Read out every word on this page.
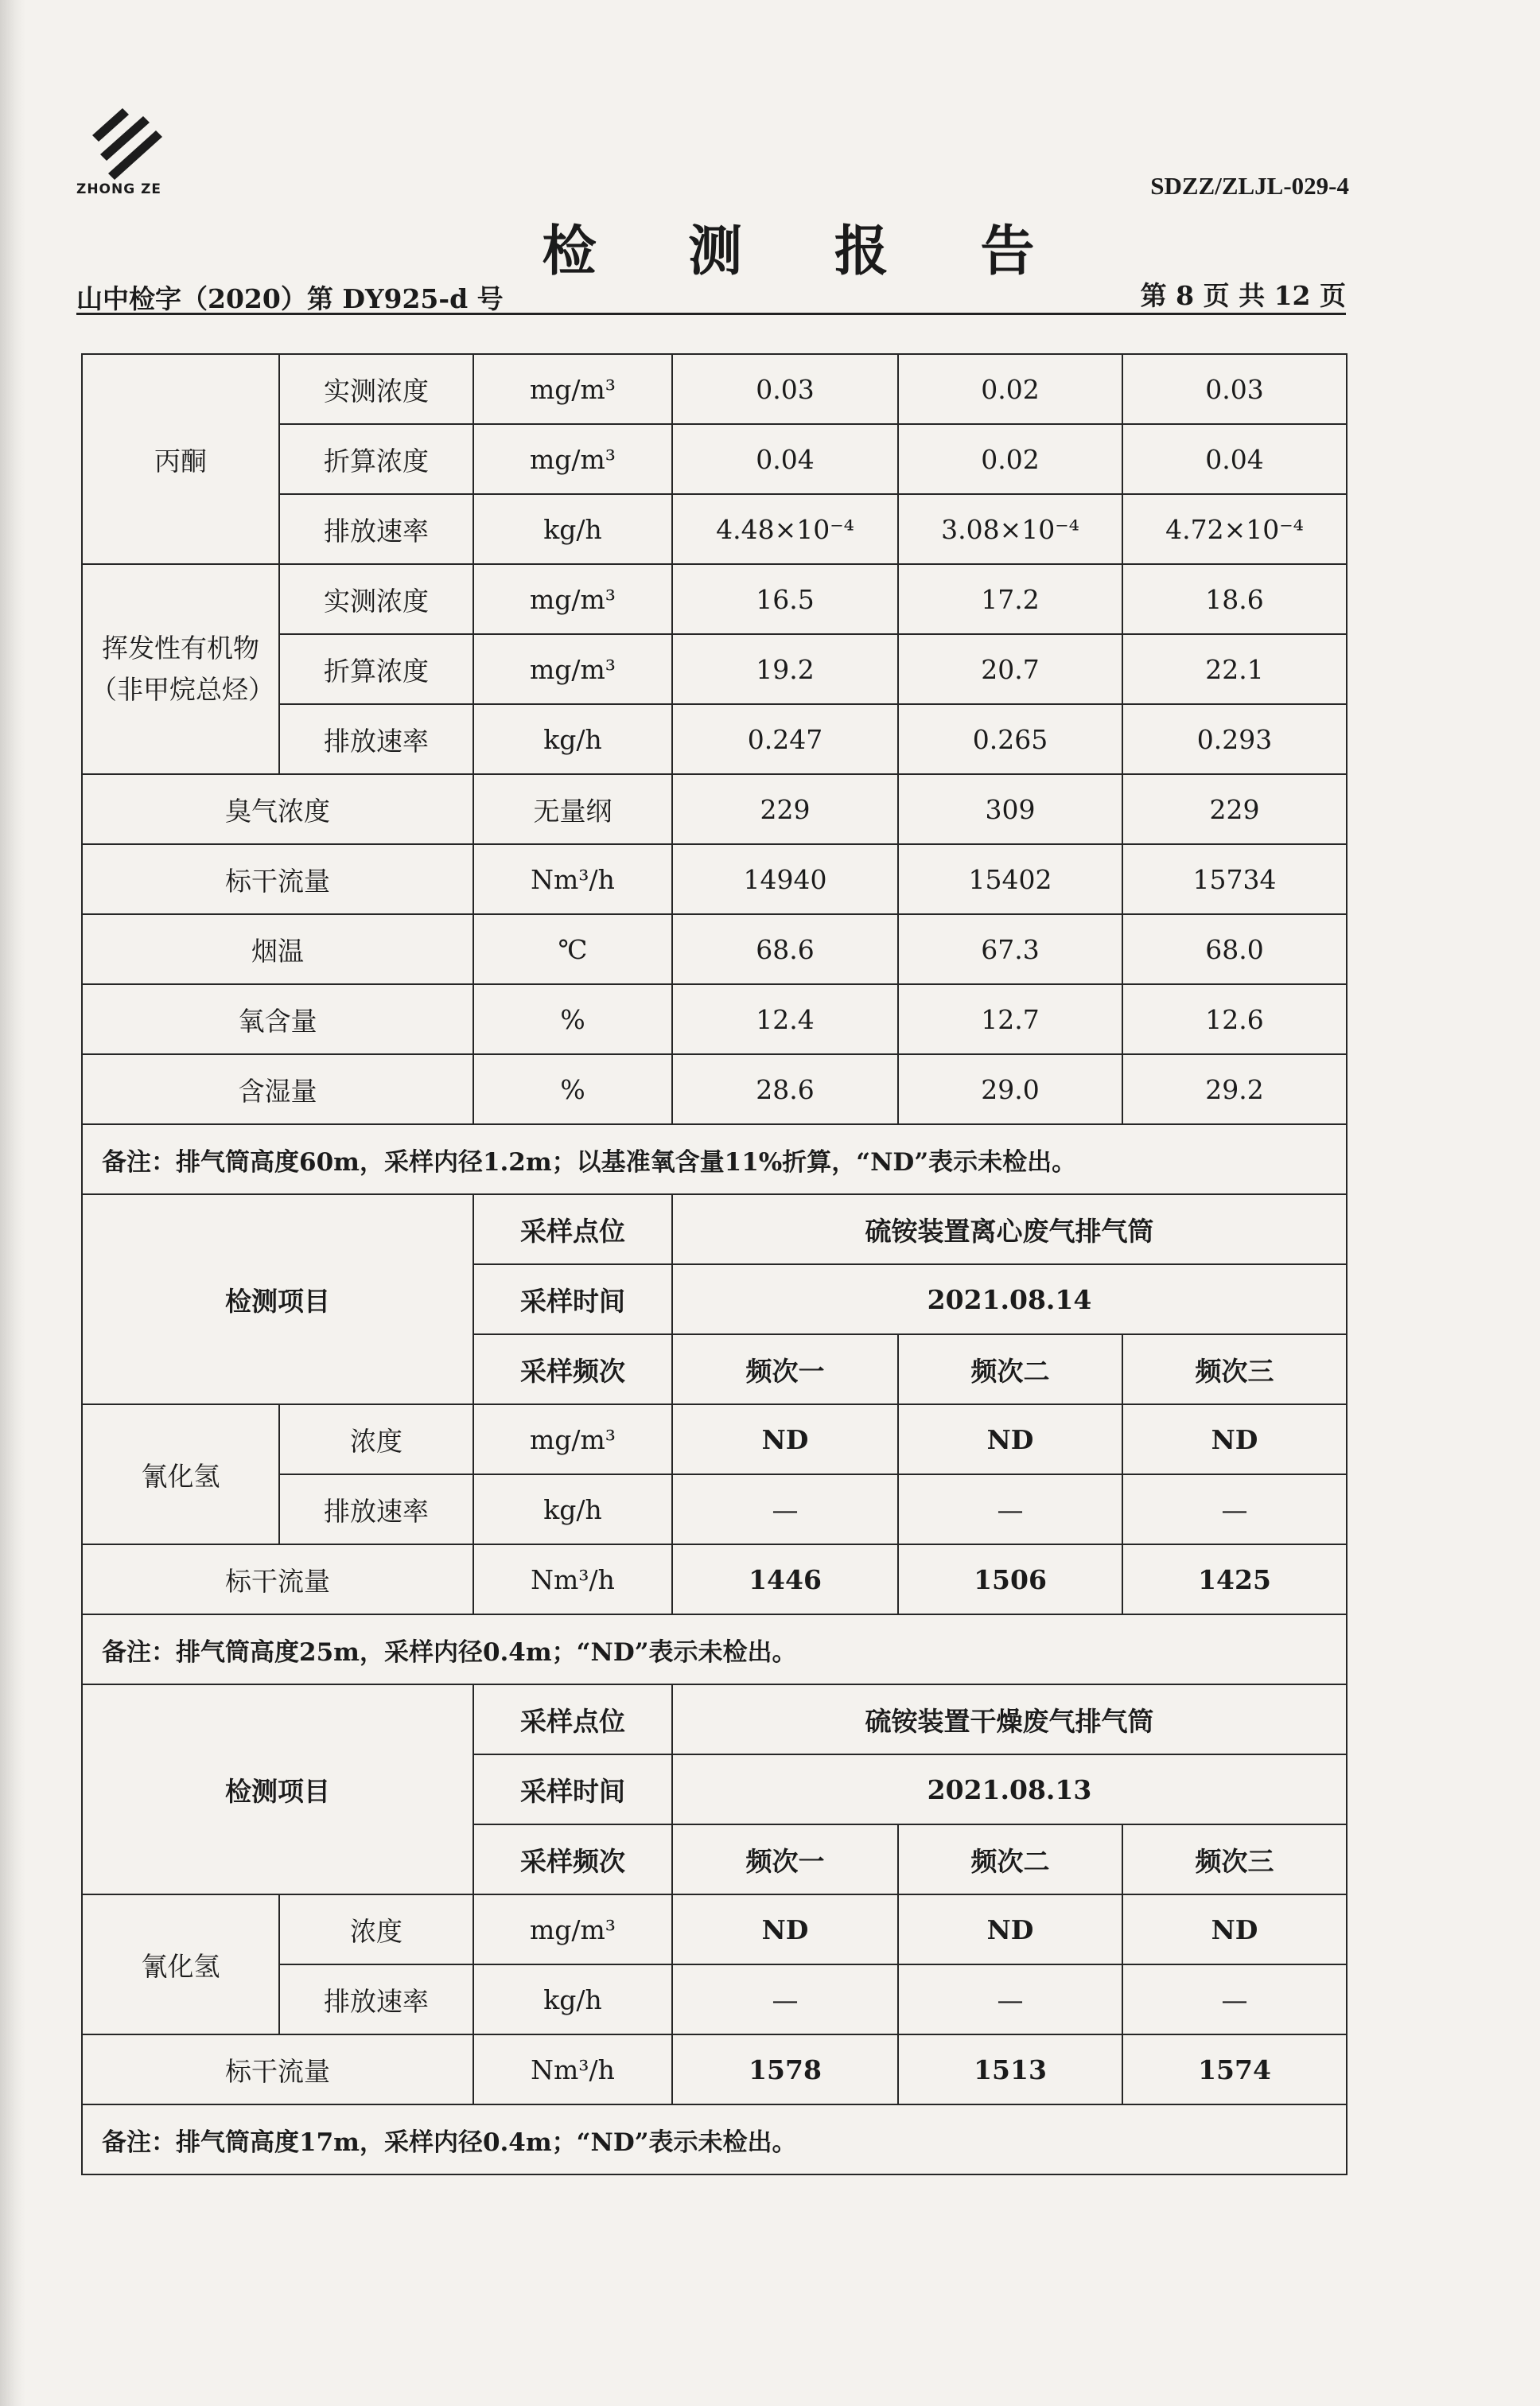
ZHONG ZE	SDZZ/ZLJL-029-4
检 测 报 告
山中检字（2020）第 DY925-d 号	第 8 页 共 12 页
丙酮	实测浓度	mg/m³	0.03	0.02	0.03
	折算浓度	mg/m³	0.04	0.02	0.04
	排放速率	kg/h	4.48×10⁻⁴	3.08×10⁻⁴	4.72×10⁻⁴
挥发性有机物（非甲烷总烃）	实测浓度	mg/m³	16.5	17.2	18.6
	折算浓度	mg/m³	19.2	20.7	22.1
	排放速率	kg/h	0.247	0.265	0.293
臭气浓度		无量纲	229	309	229
标干流量		Nm³/h	14940	15402	15734
烟温		℃	68.6	67.3	68.0
氧含量		%	12.4	12.7	12.6
含湿量		%	28.6	29.0	29.2
备注：排气筒高度60m，采样内径1.2m；以基准氧含量11%折算，“ND”表示未检出。					
检测项目		采样点位	硫铵装置离心废气排气筒		
		采样时间	2021.08.14		
		采样频次	频次一	频次二	频次三
氰化氢	浓度	mg/m³	ND	ND	ND
	排放速率	kg/h	—	—	—
标干流量		Nm³/h	1446	1506	1425
备注：排气筒高度25m，采样内径0.4m；“ND”表示未检出。					
检测项目		采样点位	硫铵装置干燥废气排气筒		
		采样时间	2021.08.13		
		采样频次	频次一	频次二	频次三
氰化氢	浓度	mg/m³	ND	ND	ND
	排放速率	kg/h	—	—	—
标干流量		Nm³/h	1578	1513	1574
备注：排气筒高度17m，采样内径0.4m；“ND”表示未检出。					
